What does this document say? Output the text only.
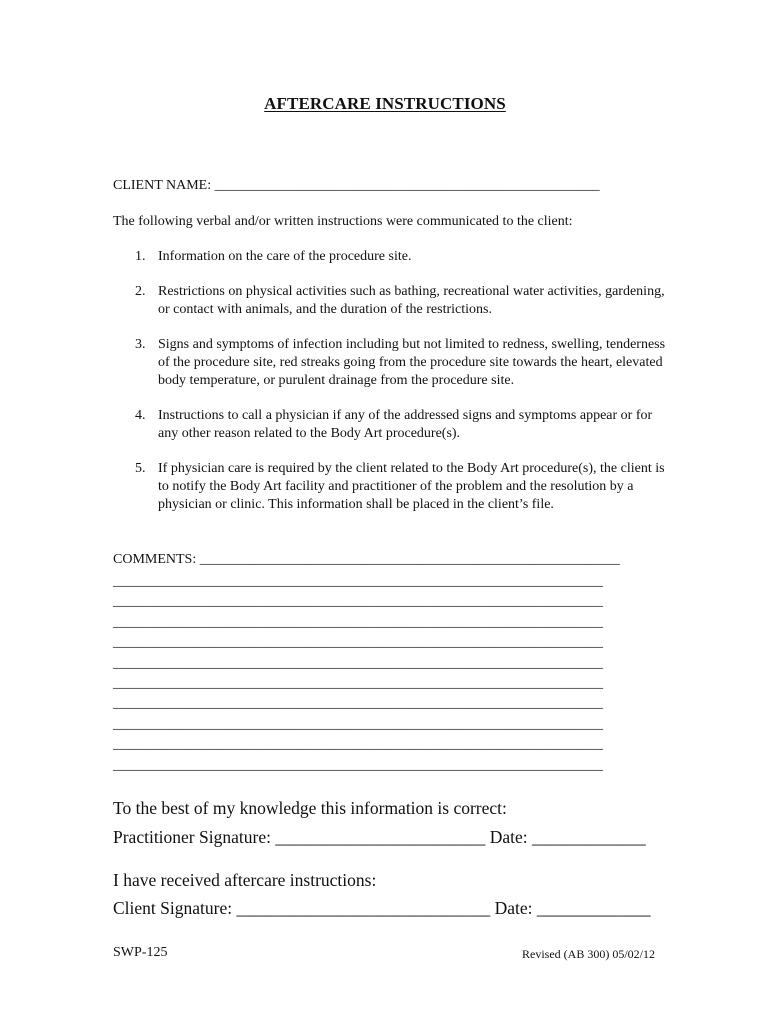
AFTERCARE INSTRUCTIONS
CLIENT NAME: _______________________________________________________
The following verbal and/or written instructions were communicated to the client:
1. Information on the care of the procedure site.
2. Restrictions on physical activities such as bathing, recreational water activities, gardening, or contact with animals, and the duration of the restrictions.
3. Signs and symptoms of infection including but not limited to redness, swelling, tenderness of the procedure site, red streaks going from the procedure site towards the heart, elevated body temperature, or purulent drainage from the procedure site.
4. Instructions to call a physician if any of the addressed signs and symptoms appear or for any other reason related to the Body Art procedure(s).
5. If physician care is required by the client related to the Body Art procedure(s), the client is to notify the Body Art facility and practitioner of the problem and the resolution by a physician or clinic. This information shall be placed in the client’s file.
COMMENTS: ____________________________________________________________
______________________________________________________________________
______________________________________________________________________
______________________________________________________________________
______________________________________________________________________
______________________________________________________________________
______________________________________________________________________
______________________________________________________________________
______________________________________________________________________
______________________________________________________________________
______________________________________________________________________
To the best of my knowledge this information is correct:
Practitioner Signature: ________________________ Date: _____________
I have received aftercare instructions:
Client Signature: _____________________________ Date: _____________
SWP-125	Revised (AB 300) 05/02/12
